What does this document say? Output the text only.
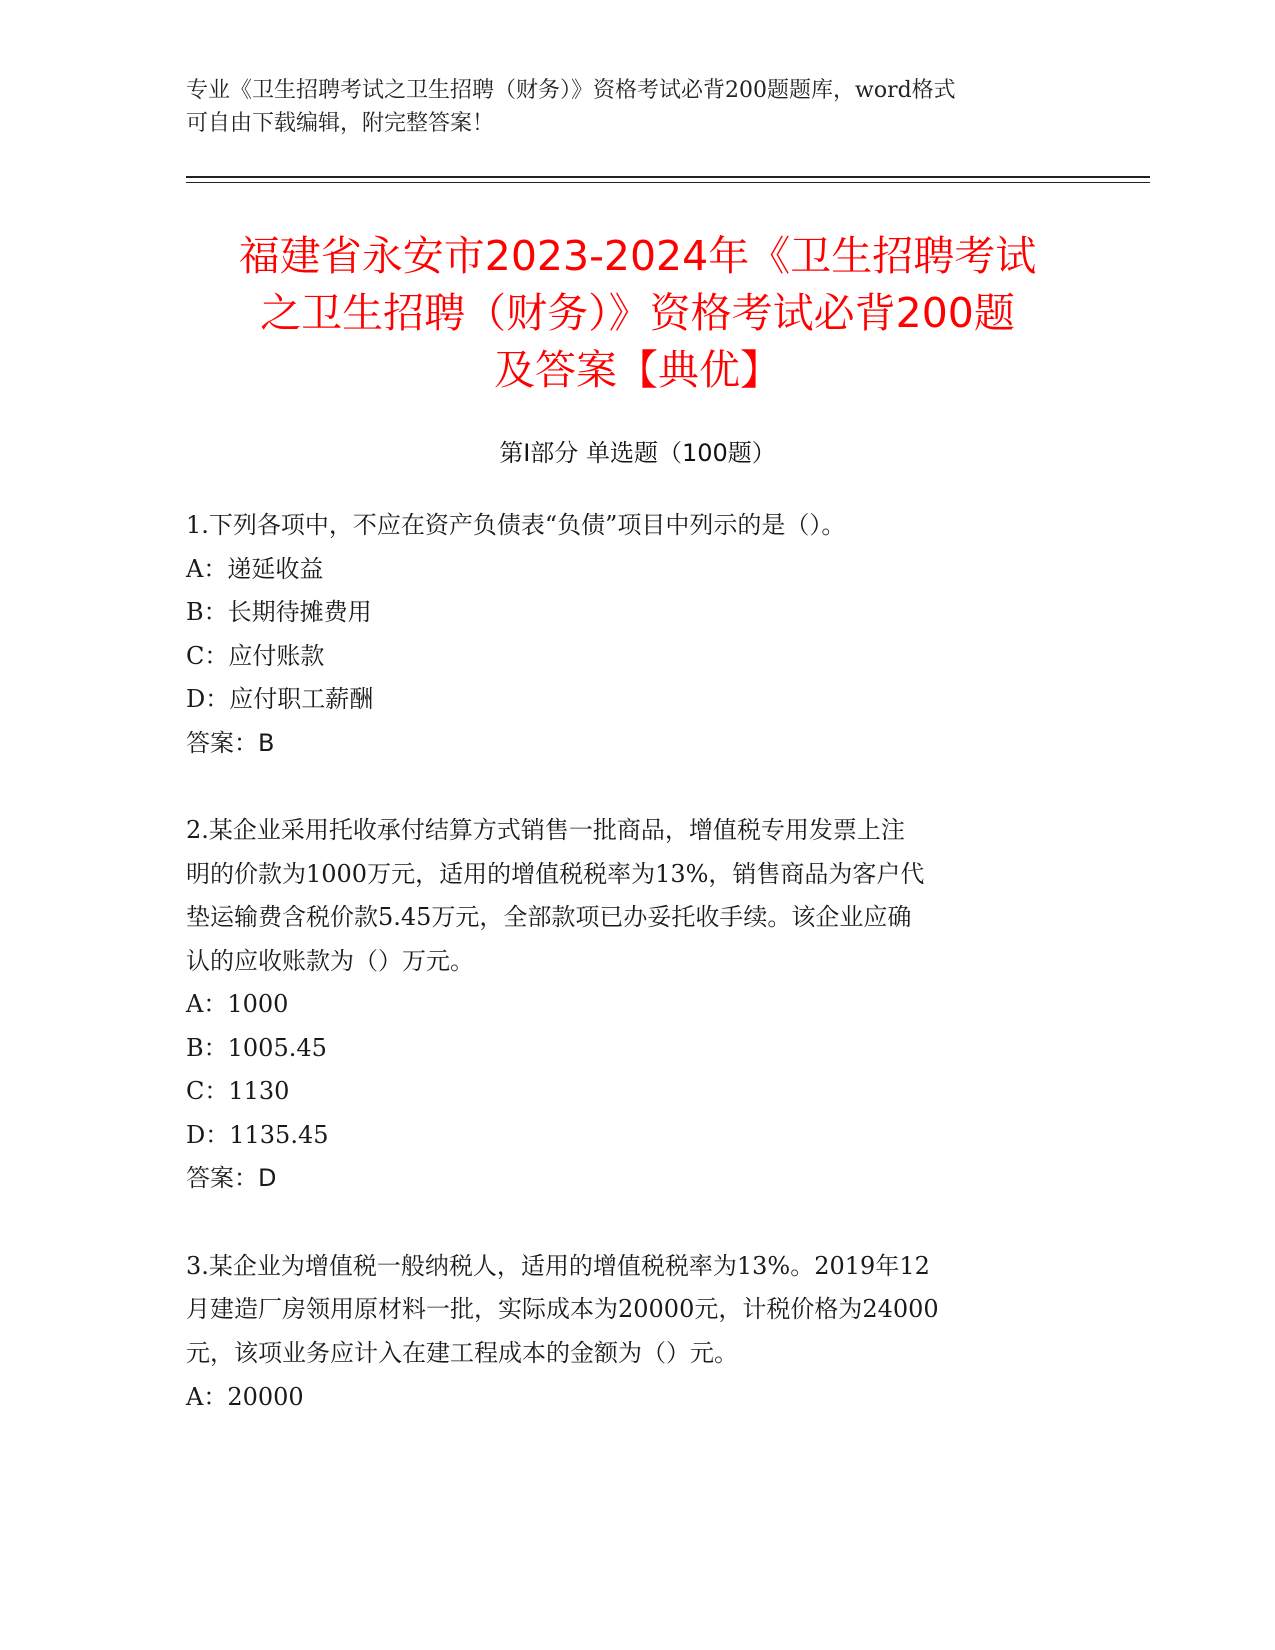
专业《卫生招聘考试之卫生招聘（财务）》资格考试必背200题题库，word格式
可自由下载编辑，附完整答案！
福建省永安市2023-2024年《卫生招聘考试
之卫生招聘（财务）》资格考试必背200题
及答案【典优】
第I部分 单选题（100题）
1.下列各项中，不应在资产负债表“负债”项目中列示的是（）。
A：递延收益
B：长期待摊费用
C：应付账款
D：应付职工薪酬
答案：B
2.某企业采用托收承付结算方式销售一批商品，增值税专用发票上注
明的价款为1000万元，适用的增值税税率为13%，销售商品为客户代
垫运输费含税价款5.45万元，全部款项已办妥托收手续。该企业应确
认的应收账款为（）万元。
A：1000
B：1005.45
C：1130
D：1135.45
答案：D
3.某企业为增值税一般纳税人，适用的增值税税率为13%。2019年12
月建造厂房领用原材料一批，实际成本为20000元，计税价格为24000
元，该项业务应计入在建工程成本的金额为（）元。
A：20000
